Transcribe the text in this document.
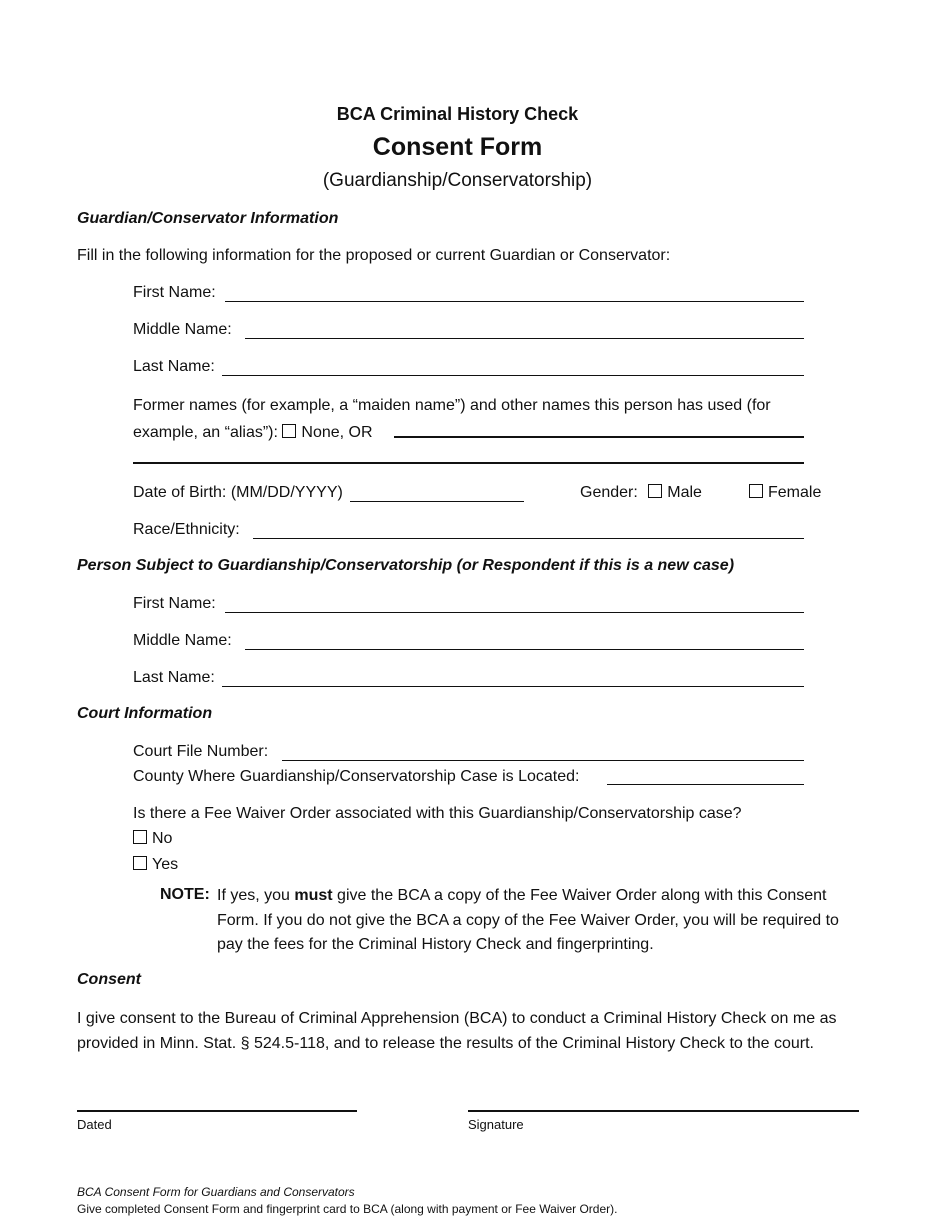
BCA Criminal History Check
Consent Form
(Guardianship/Conservatorship)
Guardian/Conservator Information
Fill in the following information for the proposed or current Guardian or Conservator:
First Name:
Middle Name:
Last Name:
Former names (for example, a “maiden name”) and other names this person has used (for
example, an “alias”): None, OR
Date of Birth: (MM/DD/YYYY)	Gender: Male	Female
Race/Ethnicity:
Person Subject to Guardianship/Conservatorship (or Respondent if this is a new case)
First Name:
Middle Name:
Last Name:
Court Information
Court File Number:
County Where Guardianship/Conservatorship Case is Located:
Is there a Fee Waiver Order associated with this Guardianship/Conservatorship case?
No
Yes
NOTE: If yes, you must give the BCA a copy of the Fee Waiver Order along with this Consent Form. If you do not give the BCA a copy of the Fee Waiver Order, you will be required to pay the fees for the Criminal History Check and fingerprinting.
Consent
I give consent to the Bureau of Criminal Apprehension (BCA) to conduct a Criminal History Check on me as provided in Minn. Stat. § 524.5-118, and to release the results of the Criminal History Check to the court.
Dated	Signature
BCA Consent Form for Guardians and Conservators
Give completed Consent Form and fingerprint card to BCA (along with payment or Fee Waiver Order).
